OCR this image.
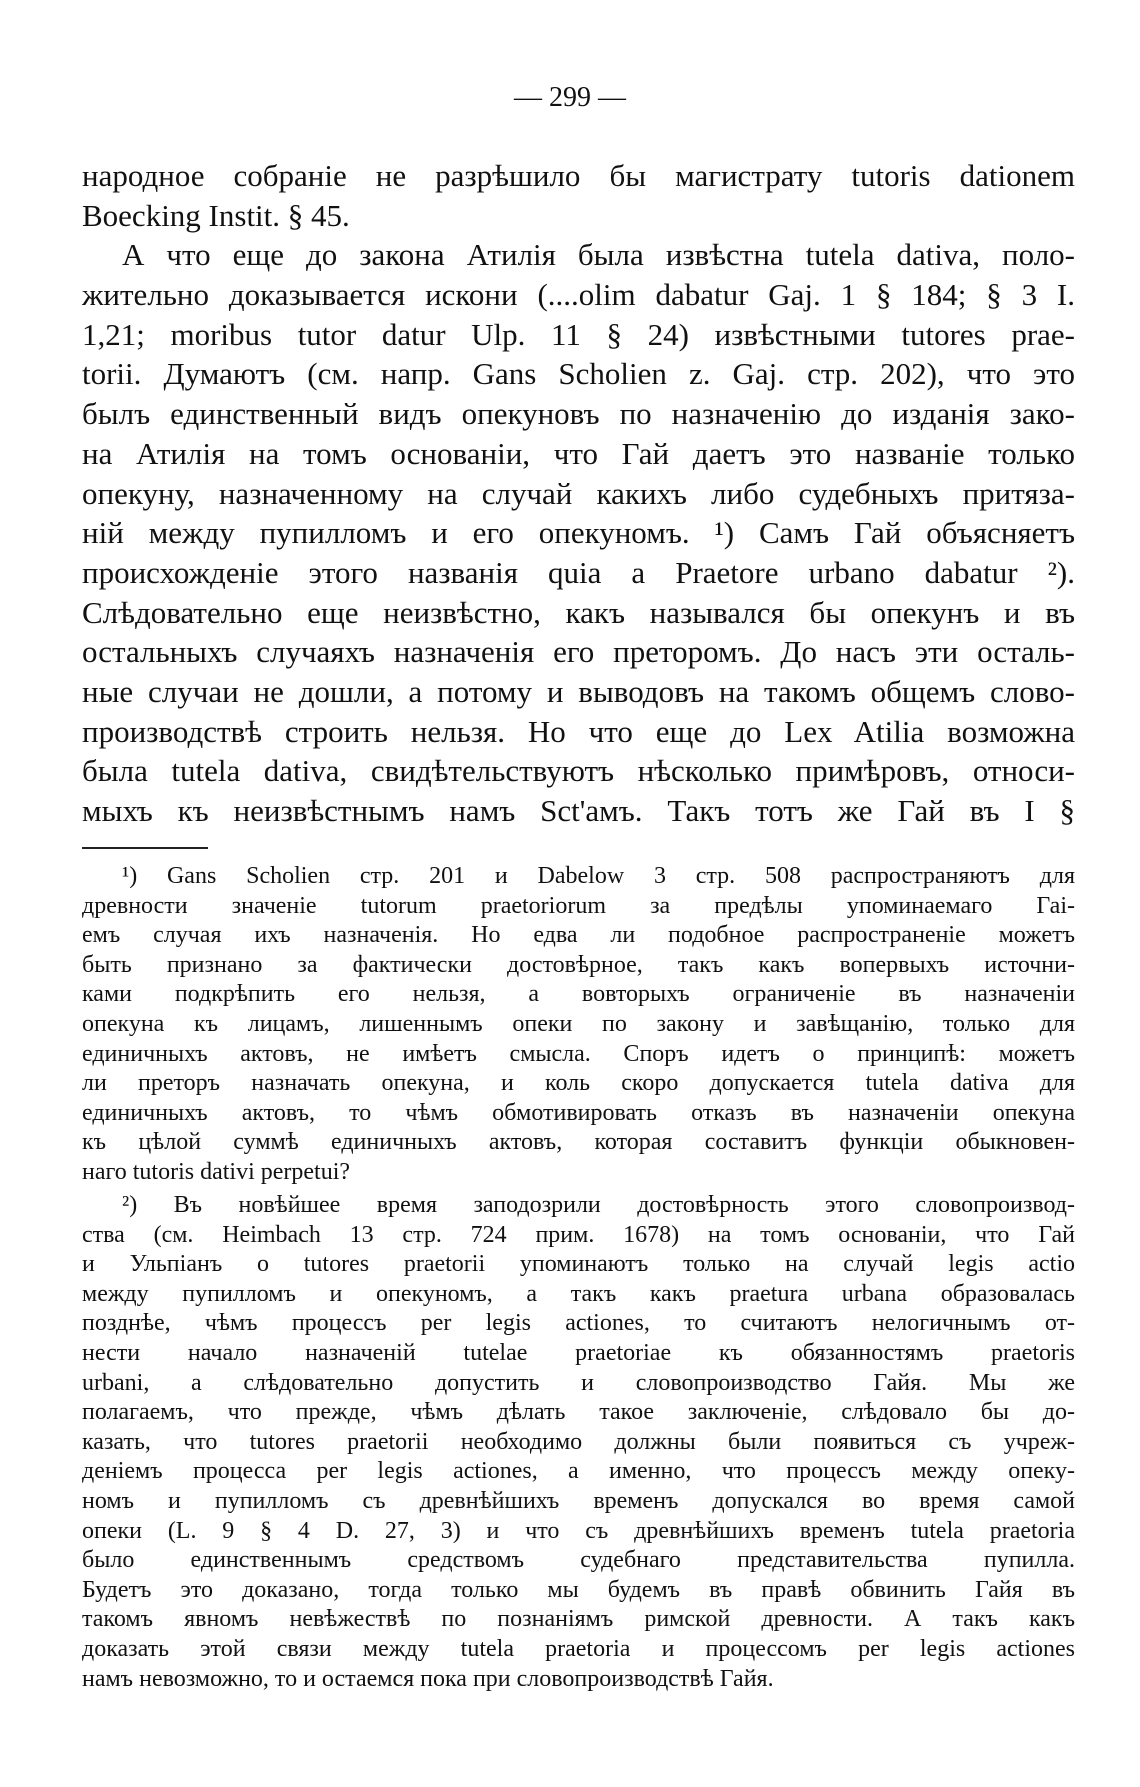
— 299 —
народное собраніе не разрѣшило бы магистрату tutoris dationem
Boecking Instit. § 45.
А что еще до закона Атилія была извѣстна tutela dativa, поло-
жительно доказывается искони (....olim dabatur Gaj. 1 § 184; § 3 I.
1,21; moribus tutor datur Ulp. 11 § 24) извѣстными tutores prae-
torii. Думаютъ (см. напр. Gans Scholien z. Gaj. стр. 202), что это
былъ единственный видъ опекуновъ по назначенію до изданія зако-
на Атилія на томъ основаніи, что Гай даетъ это названіе только
опекуну, назначенному на случай какихъ либо судебныхъ притяза-
ній между пупилломъ и его опекуномъ. ¹) Самъ Гай объясняетъ
происхожденіе этого названія quia a Praetore urbano dabatur ²).
Слѣдовательно еще неизвѣстно, какъ назывался бы опекунъ и въ
остальныхъ случаяхъ назначенія его преторомъ. До насъ эти осталь-
ные случаи не дошли, а потому и выводовъ на такомъ общемъ слово-
производствѣ строить нельзя. Но что еще до Lex Atilia возможна
была tutela dativa, свидѣтельствуютъ нѣсколько примѣровъ, относи-
мыхъ къ неизвѣстнымъ намъ Sct'амъ. Такъ тотъ же Гай въ I §
¹) Gans Scholien стр. 201 и Dabelow 3 стр. 508 распространяютъ для
древности значеніе tutorum praetoriorum за предѣлы упоминаемаго Гаі-
емъ случая ихъ назначенія. Но едва ли подобное распространеніе можетъ
быть признано за фактически достовѣрное, такъ какъ вопервыхъ источни-
ками подкрѣпить его нельзя, а вовторыхъ ограниченіе въ назначеніи
опекуна къ лицамъ, лишеннымъ опеки по закону и завѣщанію, только для
единичныхъ актовъ, не имѣетъ смысла. Споръ идетъ о принципѣ: можетъ
ли преторъ назначать опекуна, и коль скоро допускается tutela dativa для
единичныхъ актовъ, то чѣмъ обмотивировать отказъ въ назначеніи опекуна
къ цѣлой суммѣ единичныхъ актовъ, которая составитъ функціи обыкновен-
наго tutoris dativi perpetui?
²) Въ новѣйшее время заподозрили достовѣрность этого словопроизвод-
ства (см. Heimbach 13 стр. 724 прим. 1678) на томъ основаніи, что Гай
и Ульпіанъ о tutores praetorii упоминаютъ только на случай legis actio
между пупилломъ и опекуномъ, а такъ какъ praetura urbana образовалась
позднѣе, чѣмъ процессъ per legis actiones, то считаютъ нелогичнымъ от-
нести начало назначеній tutelae praetoriae къ обязанностямъ praetoris
urbani, а слѣдовательно допустить и словопроизводство Гайя. Мы же
полагаемъ, что прежде, чѣмъ дѣлать такое заключеніе, слѣдовало бы до-
казать, что tutores praetorii необходимо должны были появиться съ учреж-
деніемъ процесса per legis actiones, а именно, что процессъ между опеку-
номъ и пупилломъ съ древнѣйшихъ временъ допускался во время самой
опеки (L. 9 § 4 D. 27, 3) и что съ древнѣйшихъ временъ tutela praetoria
было единственнымъ средствомъ судебнаго представительства пупилла.
Будетъ это доказано, тогда только мы будемъ въ правѣ обвинить Гайя въ
такомъ явномъ невѣжествѣ по познаніямъ римской древности. А такъ какъ
доказать этой связи между tutela praetoria и процессомъ per legis actiones
намъ невозможно, то и остаемся пока при словопроизводствѣ Гайя.
